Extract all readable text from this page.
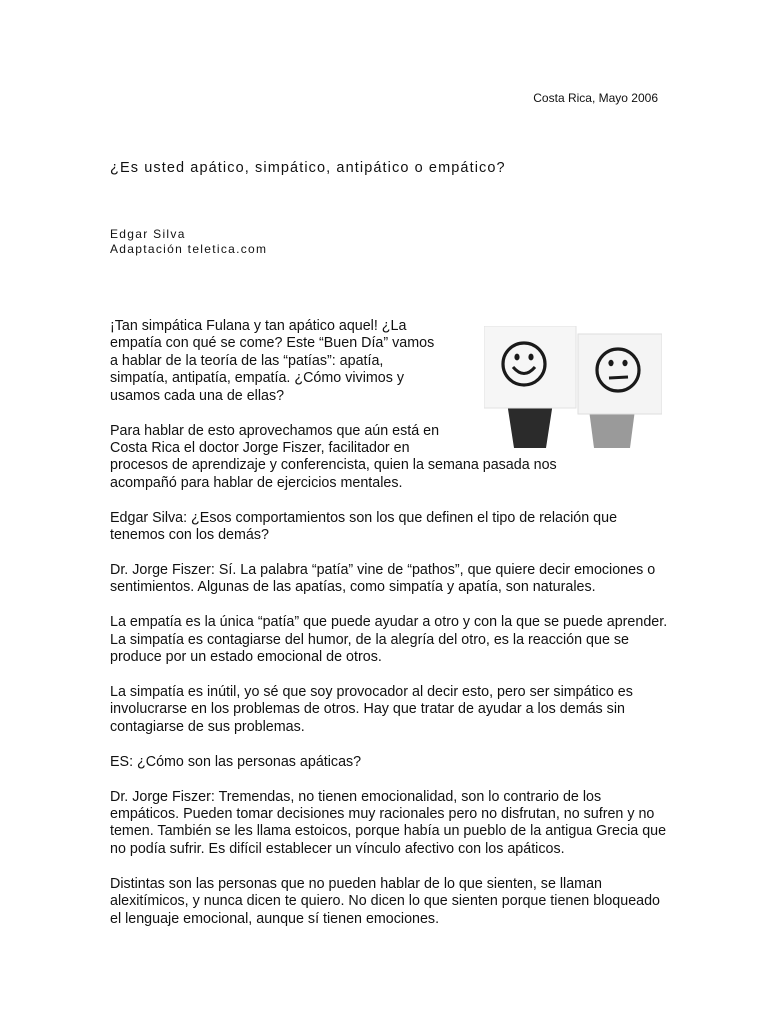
Costa Rica, Mayo 2006
¿Es usted apático, simpático, antipático o empático?
Edgar Silva
Adaptación teletica.com

¡Tan simpática Fulana y tan apático aquel! ¿La
empatía con qué se come? Este “Buen Día” vamos
a hablar de la teoría de las “patías”: apatía,
simpatía, antipatía, empatía. ¿Cómo vivimos y
usamos cada una de ellas?

Para hablar de esto aprovechamos que aún está en
Costa Rica el doctor Jorge Fiszer, facilitador en
procesos de aprendizaje y conferencista, quien la semana pasada nos
acompañó para hablar de ejercicios mentales.

Edgar Silva: ¿Esos comportamientos son los que definen el tipo de relación que tenemos con los demás?

Dr. Jorge Fiszer: Sí. La palabra “patía” vine de “pathos”, que quiere decir emociones o sentimientos. Algunas de las apatías, como simpatía y apatía, son naturales.

La empatía es la única “patía” que puede ayudar a otro y con la que se puede aprender. La simpatía es contagiarse del humor, de la alegría del otro, es la reacción que se produce por un estado emocional de otros.

La simpatía es inútil, yo sé que soy provocador al decir esto, pero ser simpático es involucrarse en los problemas de otros. Hay que tratar de ayudar a los demás sin contagiarse de sus problemas.

ES: ¿Cómo son las personas apáticas?

Dr. Jorge Fiszer: Tremendas, no tienen emocionalidad, son lo contrario de los empáticos. Pueden tomar decisiones muy racionales pero no disfrutan, no sufren y no temen. También se les llama estoicos, porque había un pueblo de la antigua Grecia que no podía sufrir. Es difícil establecer un vínculo afectivo con los apáticos.

Distintas son las personas que no pueden hablar de lo que sienten, se llaman alexitímicos, y nunca dicen te quiero. No dicen lo que sienten porque tienen bloqueado el lenguaje emocional, aunque sí tienen emociones.
